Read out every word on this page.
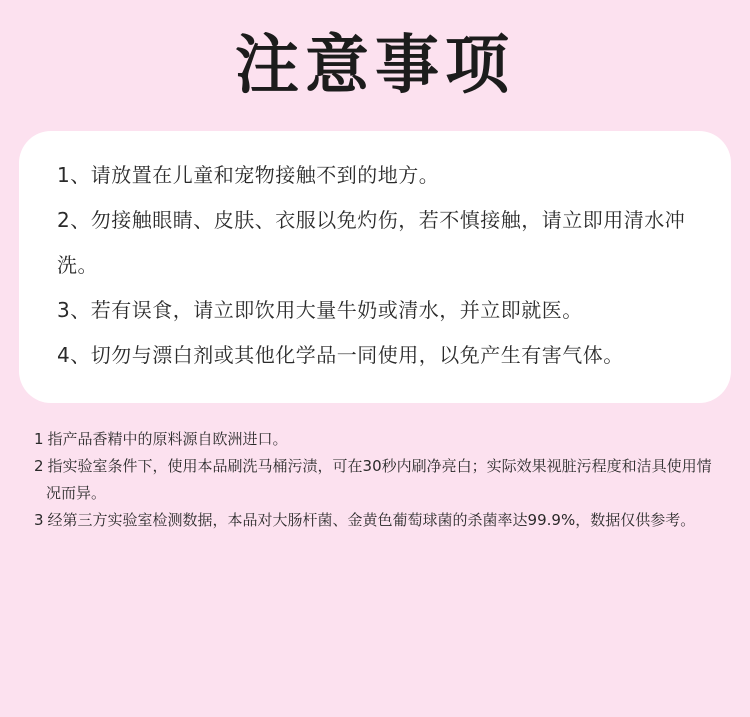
注意事项
1、请放置在儿童和宠物接触不到的地方。
2、勿接触眼睛、皮肤、衣服以免灼伤，若不慎接触，请立即用清水冲洗。
3、若有误食，请立即饮用大量牛奶或清水，并立即就医。
4、切勿与漂白剂或其他化学品一同使用，以免产生有害气体。
1 指产品香精中的原料源自欧洲进口。
2 指实验室条件下，使用本品刷洗马桶污渍，可在30秒内刷净亮白；实际效果视脏污程度和洁具使用情况而异。
3 经第三方实验室检测数据，本品对大肠杆菌、金黄色葡萄球菌的杀菌率达99.9%，数据仅供参考。
